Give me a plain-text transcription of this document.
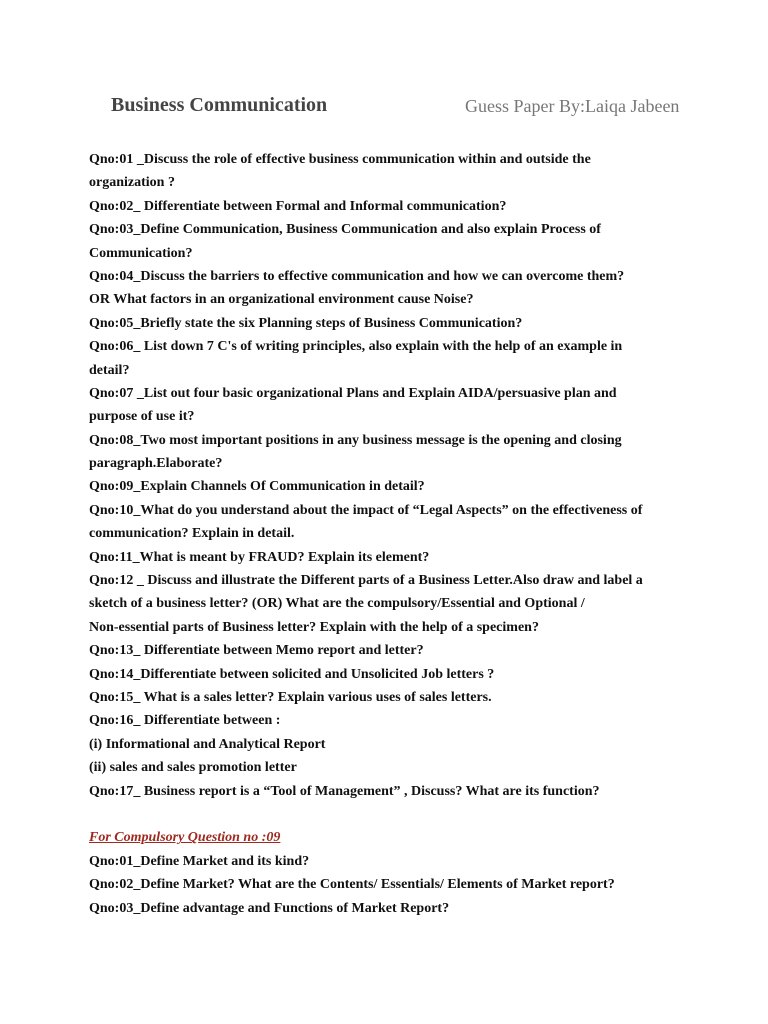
Business Communication	Guess Paper By:Laiqa Jabeen
Qno:01 _Discuss the role of effective business communication within and outside the
organization ?
Qno:02_ Differentiate between Formal and Informal communication?
Qno:03_Define Communication, Business Communication and also explain Process of
Communication?
Qno:04_Discuss the barriers to effective communication and how we can overcome them?
OR What factors in an organizational environment cause Noise?
Qno:05_Briefly state the six Planning steps of Business Communication?
Qno:06_ List down 7 C's of writing principles, also explain with the help of an example in
detail?
Qno:07 _List out four basic organizational Plans and Explain AIDA/persuasive plan and
purpose of use it?
Qno:08_Two most important positions in any business message is the opening and closing
paragraph.Elaborate?
Qno:09_Explain Channels Of Communication in detail?
Qno:10_What do you understand about the impact of “Legal Aspects” on the effectiveness of
communication? Explain in detail.
Qno:11_What is meant by FRAUD? Explain its element?
Qno:12 _ Discuss and illustrate the Different parts of a Business Letter.Also draw and label a
sketch of a business letter? (OR) What are the compulsory/Essential and Optional /
Non-essential parts of Business letter? Explain with the help of a specimen?
Qno:13_ Differentiate between Memo report and letter?
Qno:14_Differentiate between solicited and Unsolicited Job letters ?
Qno:15_ What is a sales letter? Explain various uses of sales letters.
Qno:16_ Differentiate between :
(i) Informational and Analytical Report
(ii) sales and sales promotion letter
Qno:17_ Business report is a “Tool of Management” , Discuss? What are its function?
For Compulsory Question no :09
Qno:01_Define Market and its kind?
Qno:02_Define Market? What are the Contents/ Essentials/ Elements of Market report?
Qno:03_Define advantage and Functions of Market Report?
